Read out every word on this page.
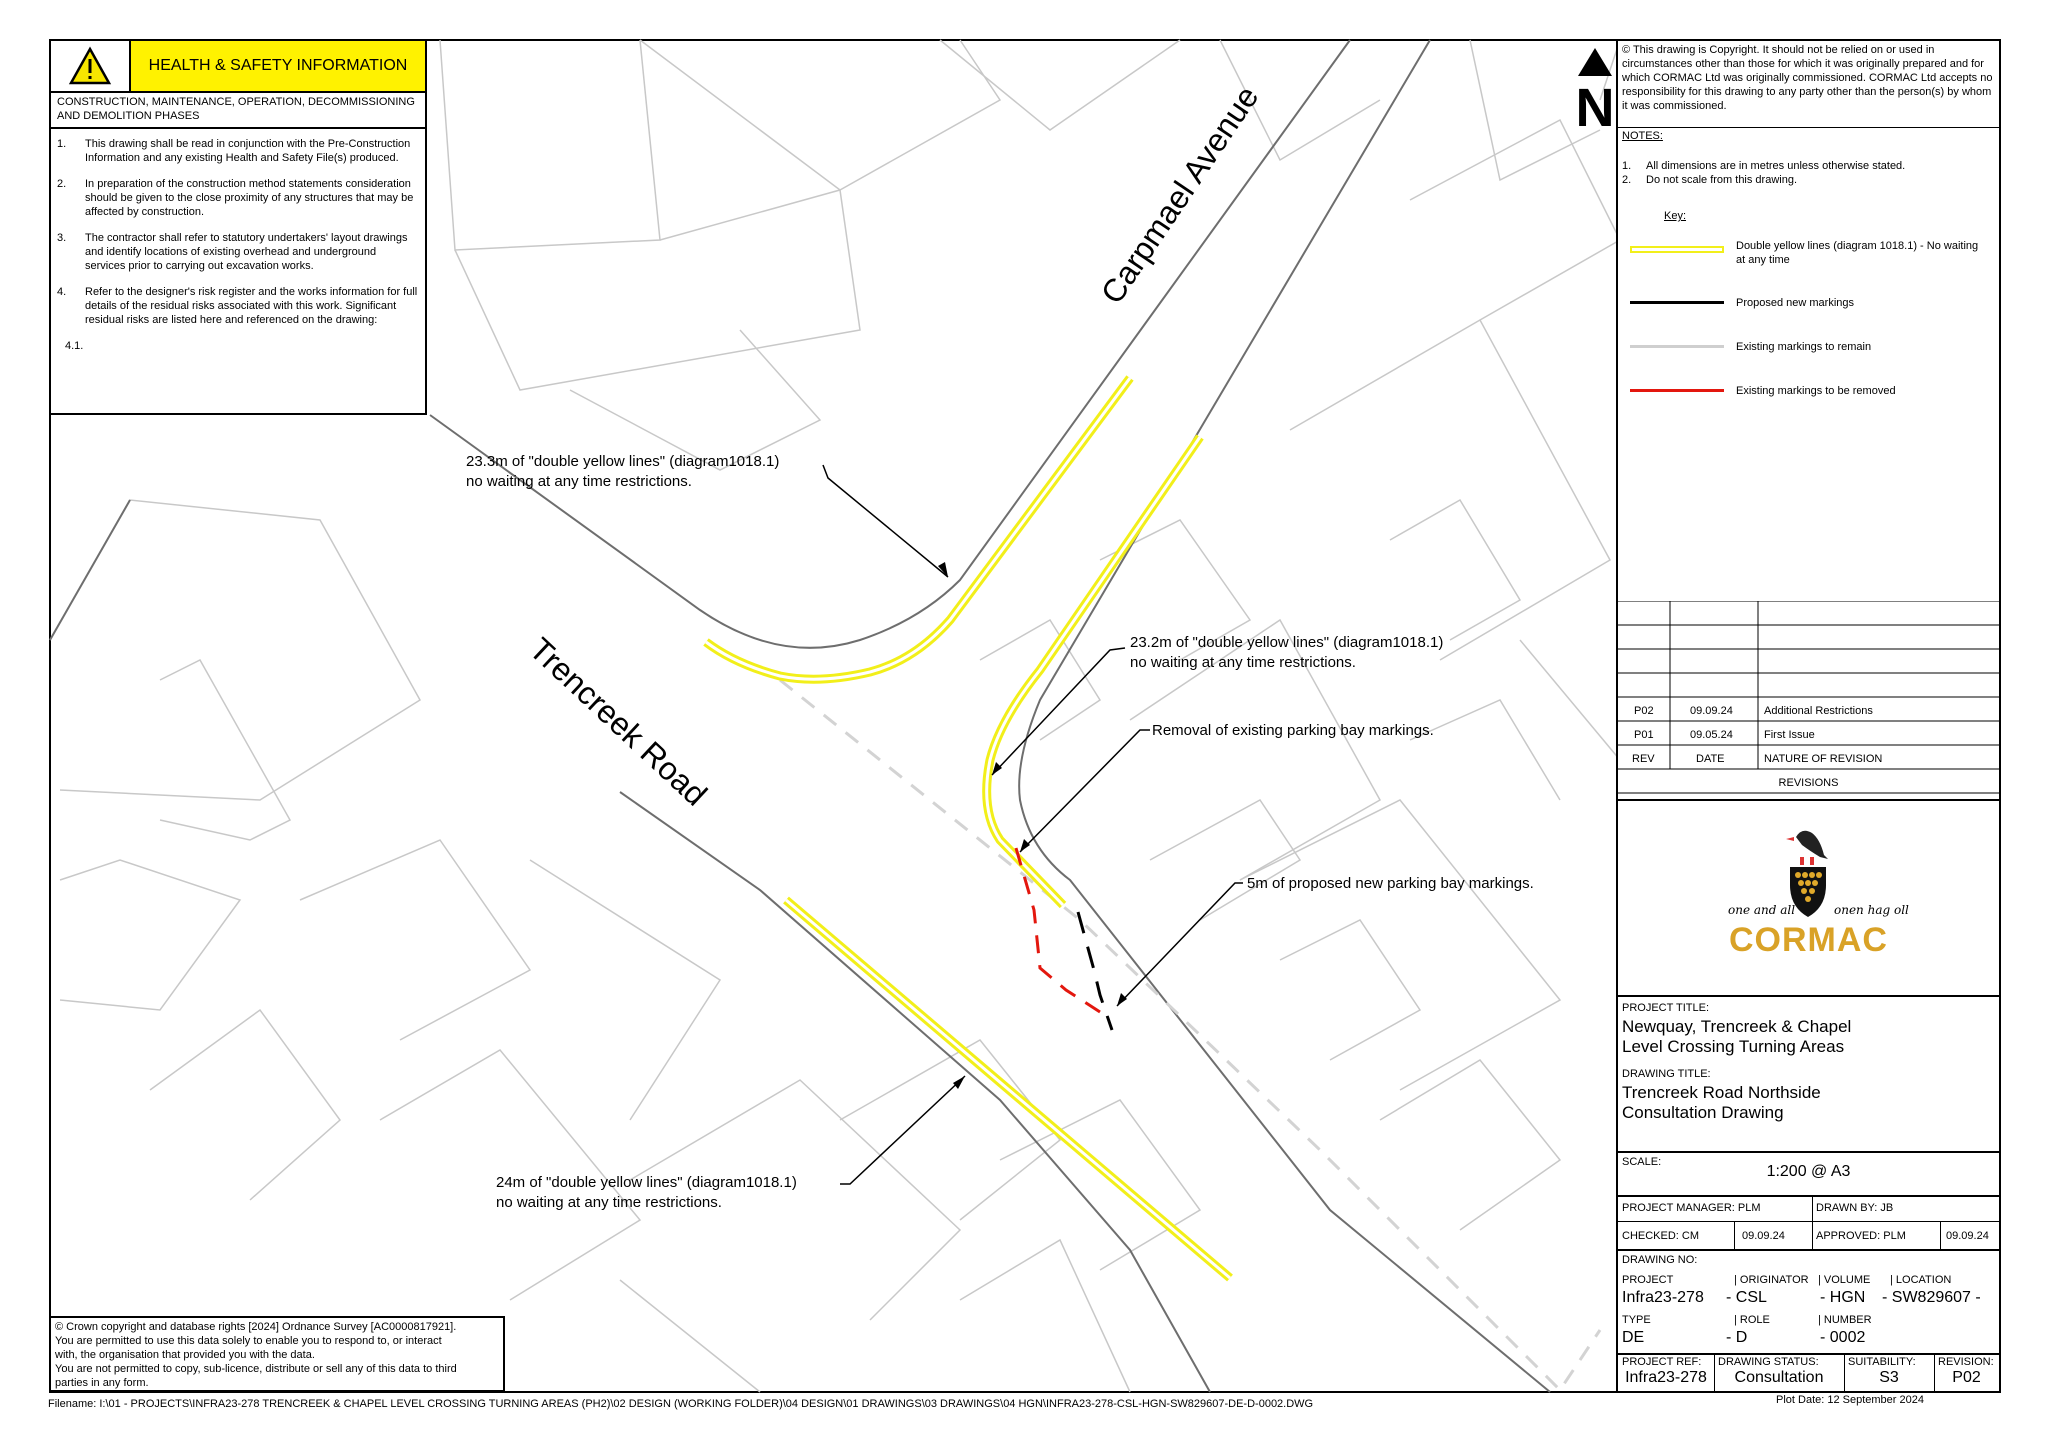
Carpmael Avenue
Trencreek Road
23.3m of "double yellow lines" (diagram1018.1)
no waiting at any time restrictions.
23.2m of "double yellow lines" (diagram1018.1)
no waiting at any time restrictions.
Removal of existing parking bay markings.
5m of proposed new parking bay markings.
24m of "double yellow lines" (diagram1018.1)
no waiting at any time restrictions.
N
HEALTH & SAFETY INFORMATION
CONSTRUCTION, MAINTENANCE, OPERATION, DECOMMISSIONING AND DEMOLITION PHASES
1.	This drawing shall be read in conjunction with the Pre-Construction Information and any existing Health and Safety File(s) produced.
2.	In preparation of the construction method statements consideration should be given to the close proximity of any structures that may be affected by construction.
3.	The contractor shall refer to statutory undertakers' layout drawings and identify locations of existing overhead and underground services prior to carrying out excavation works.
4.	Refer to the designer's risk register and the works information for full details of the residual risks associated with this work. Significant residual risks are listed here and referenced on the drawing:
4.1.
© Crown copyright and database rights [2024] Ordnance Survey [AC0000817921].
You are permitted to use this data solely to enable you to respond to, or interact
with, the organisation that provided you with the data.
You are not permitted to copy, sub-licence, distribute or sell any of this data to third
parties in any form.
© This drawing is Copyright. It should not be relied on or used in circumstances other than those for which it was originally prepared and for which CORMAC Ltd was originally commissioned. CORMAC Ltd accepts no responsibility for this drawing to any party other than the person(s) by whom it was commissioned.
NOTES:
1.	All dimensions are in metres unless otherwise stated.
2.	Do not scale from this drawing.
Key:
Double yellow lines (diagram 1018.1) - No waiting at any time
Proposed new markings
Existing markings to remain
Existing markings to be removed
P02	09.09.24	Additional Restrictions
P01	09.05.24	First Issue
REV	DATE	NATURE OF REVISION
REVISIONS
one and all	onen hag oll
CORMAC
PROJECT TITLE:
Newquay, Trencreek & Chapel
Level Crossing Turning Areas
DRAWING TITLE:
Trencreek Road Northside
Consultation Drawing
SCALE:
1:200 @ A3
PROJECT MANAGER: PLM	DRAWN BY: JB
CHECKED: CM	09.09.24	APPROVED: PLM	09.09.24
DRAWING NO:
PROJECT	| ORIGINATOR | VOLUME | LOCATION
Infra23-278 - CSL	- HGN - SW829607 -
TYPE	| ROLE	| NUMBER
DE	- D	- 0002
PROJECT REF:
Infra23-278
DRAWING STATUS:
Consultation
SUITABILITY:
S3
REVISION:
P02
Filename: I:\01 - PROJECTS\INFRA23-278 TRENCREEK & CHAPEL LEVEL CROSSING TURNING AREAS (PH2)\02 DESIGN (WORKING FOLDER)\04 DESIGN\01 DRAWINGS\03 DRAWINGS\04 HGN\INFRA23-278-CSL-HGN-SW829607-DE-D-0002.DWG	Plot Date: 12 September 2024
